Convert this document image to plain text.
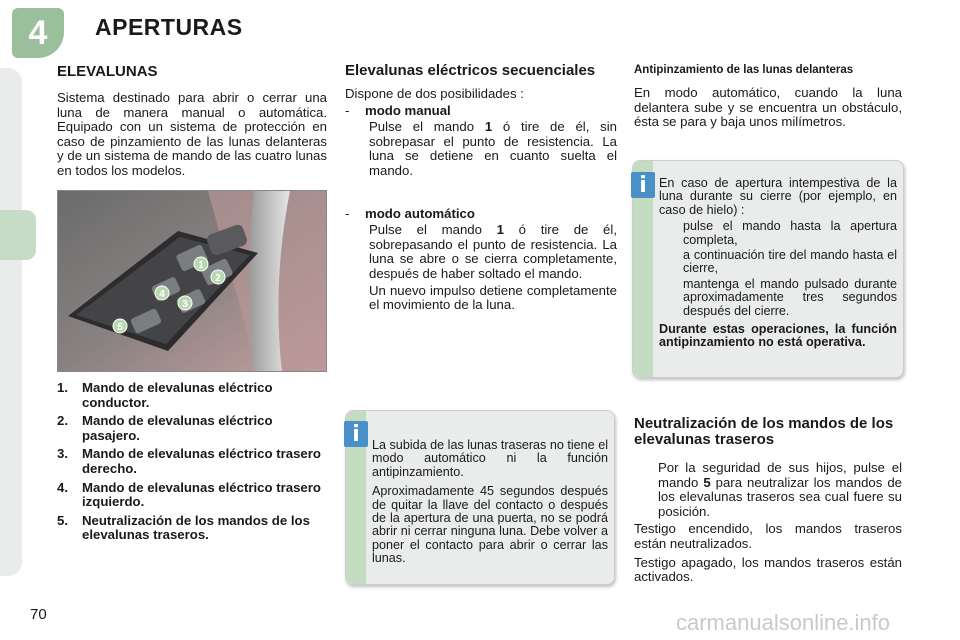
4 APERTURAS
ELEVALUNAS

Sistema destinado para abrir o cerrar una luna de manera manual o automática. Equipado con un sistema de protección en caso de pinzamiento de las lunas delanteras y de un sistema de mando de las cuatro lunas en todos los modelos.

1
2
3
4
5
1.	Mando de elevalunas eléctrico conductor.
2.	Mando de elevalunas eléctrico pasajero.
3.	Mando de elevalunas eléctrico trasero derecho.
4.	Mando de elevalunas eléctrico trasero izquierdo.
5.	Neutralización de los mandos de los elevalunas traseros.
Elevalunas eléctricos secuenciales

Dispone de dos posibilidades :

-	modo manual
Pulse el mando 1 ó tire de él, sin sobrepasar el punto de resistencia. La luna se detiene en cuanto suelta el mando.
-	modo automático
Pulse el mando 1 ó tire de él, sobrepasando el punto de resistencia. La luna se abre o se cierra completamente, después de haber soltado el mando.
Un nuevo impulso detiene completamente el movimiento de la luna.
i La subida de las lunas traseras no tiene el modo automático ni la función antipinzamiento.

Aproximadamente 45 segundos después de quitar la llave del contacto o después de la apertura de una puerta, no se podrá abrir ni cerrar ninguna luna. Debe volver a poner el contacto para abrir o cerrar las lunas.

Antipinzamiento de las lunas delanteras

En modo automático, cuando la luna delantera sube y se encuentra un obstáculo, ésta se para y baja unos milímetros.

i En caso de apertura intempestiva de la luna durante su cierre (por ejemplo, en caso de hielo) :

pulse el mando hasta la apertura completa,
a continuación tire del mando hasta el cierre,
mantenga el mando pulsado durante aproximadamente tres segundos después del cierre.

Durante estas operaciones, la función antipinzamiento no está operativa.

Neutralización de los mandos de los elevalunas traseros
Por la seguridad de sus hijos, pulse el mando 5 para neutralizar los mandos de los elevalunas traseros sea cual fuere su posición.

Testigo encendido, los mandos traseros están neutralizados.

Testigo apagado, los mandos traseros están activados.

70	carmanualsonline.info
